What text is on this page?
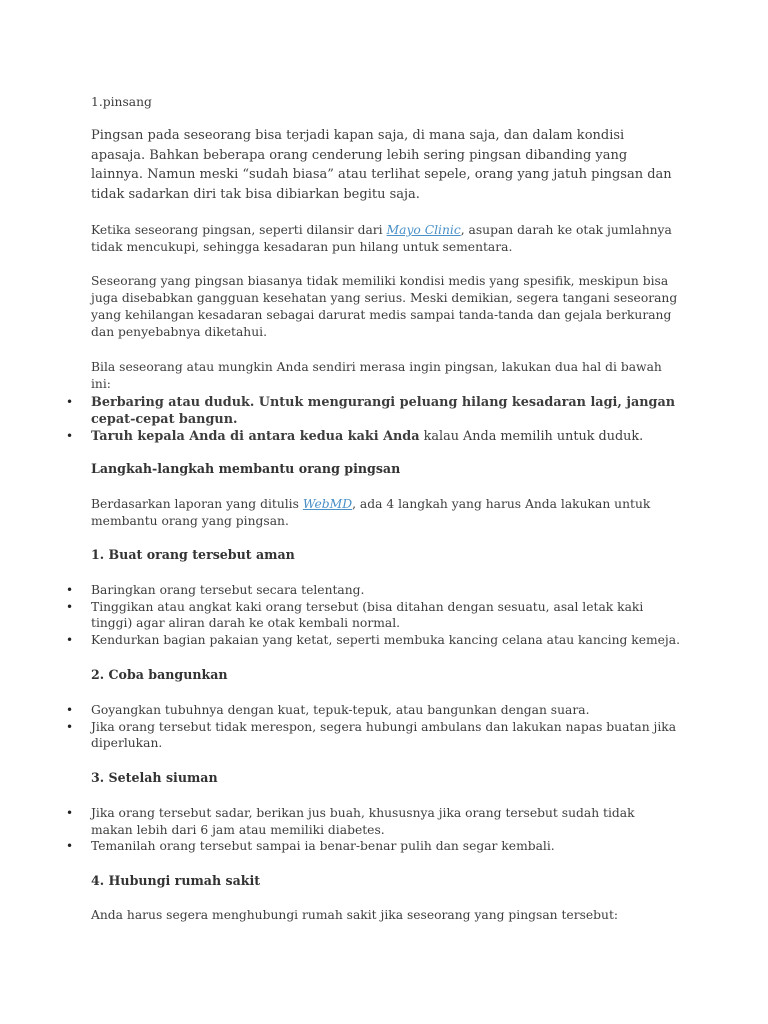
1.pinsang

Pingsan pada seseorang bisa terjadi kapan saja, di mana saja, dan dalam kondisi apasaja. Bahkan beberapa orang cenderung lebih sering pingsan dibanding yang lainnya. Namun meski “sudah biasa” atau terlihat sepele, orang yang jatuh pingsan dan tidak sadarkan diri tak bisa dibiarkan begitu saja.

Ketika seseorang pingsan, seperti dilansir dari Mayo Clinic, asupan darah ke otak jumlahnya tidak mencukupi, sehingga kesadaran pun hilang untuk sementara.

Seseorang yang pingsan biasanya tidak memiliki kondisi medis yang spesifik, meskipun bisa juga disebabkan gangguan kesehatan yang serius. Meski demikian, segera tangani seseorang yang kehilangan kesadaran sebagai darurat medis sampai tanda-tanda dan gejala berkurang dan penyebabnya diketahui.

Bila seseorang atau mungkin Anda sendiri merasa ingin pingsan, lakukan dua hal di bawah ini:

• Berbaring atau duduk. Untuk mengurangi peluang hilang kesadaran lagi, jangan cepat-cepat bangun.
• Taruh kepala Anda di antara kedua kaki Anda kalau Anda memilih untuk duduk.

Langkah-langkah membantu orang pingsan

Berdasarkan laporan yang ditulis WebMD, ada 4 langkah yang harus Anda lakukan untuk membantu orang yang pingsan.

1. Buat orang tersebut aman

• Baringkan orang tersebut secara telentang.
• Tinggikan atau angkat kaki orang tersebut (bisa ditahan dengan sesuatu, asal letak kaki tinggi) agar aliran darah ke otak kembali normal.
• Kendurkan bagian pakaian yang ketat, seperti membuka kancing celana atau kancing kemeja.

2. Coba bangunkan

• Goyangkan tubuhnya dengan kuat, tepuk-tepuk, atau bangunkan dengan suara.
• Jika orang tersebut tidak merespon, segera hubungi ambulans dan lakukan napas buatan jika diperlukan.

3. Setelah siuman

• Jika orang tersebut sadar, berikan jus buah, khususnya jika orang tersebut sudah tidak makan lebih dari 6 jam atau memiliki diabetes.
• Temanilah orang tersebut sampai ia benar-benar pulih dan segar kembali.

4. Hubungi rumah sakit

Anda harus segera menghubungi rumah sakit jika seseorang yang pingsan tersebut:
